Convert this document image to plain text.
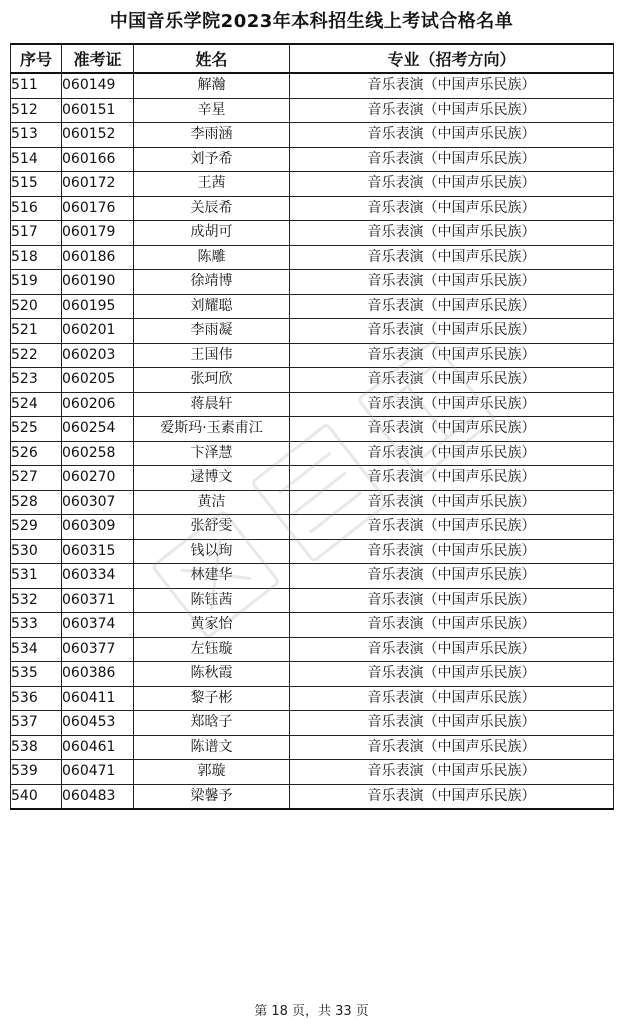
中国音乐学院2023年本科招生线上考试合格名单
序号	准考证	姓名	专业（招考方向）
511	060149	解瀚	音乐表演（中国声乐民族）
512	060151	辛星	音乐表演（中国声乐民族）
513	060152	李雨涵	音乐表演（中国声乐民族）
514	060166	刘予希	音乐表演（中国声乐民族）
515	060172	王茜	音乐表演（中国声乐民族）
516	060176	关辰希	音乐表演（中国声乐民族）
517	060179	成胡可	音乐表演（中国声乐民族）
518	060186	陈雕	音乐表演（中国声乐民族）
519	060190	徐靖博	音乐表演（中国声乐民族）
520	060195	刘耀聪	音乐表演（中国声乐民族）
521	060201	李雨凝	音乐表演（中国声乐民族）
522	060203	王国伟	音乐表演（中国声乐民族）
523	060205	张珂欣	音乐表演（中国声乐民族）
524	060206	蒋晨轩	音乐表演（中国声乐民族）
525	060254	爱斯玛·玉素甫江	音乐表演（中国声乐民族）
526	060258	卞泽慧	音乐表演（中国声乐民族）
527	060270	逯博文	音乐表演（中国声乐民族）
528	060307	黄洁	音乐表演（中国声乐民族）
529	060309	张舒雯	音乐表演（中国声乐民族）
530	060315	钱以珣	音乐表演（中国声乐民族）
531	060334	林建华	音乐表演（中国声乐民族）
532	060371	陈钰茜	音乐表演（中国声乐民族）
533	060374	黄家怡	音乐表演（中国声乐民族）
534	060377	左钰璇	音乐表演（中国声乐民族）
535	060386	陈秋霞	音乐表演（中国声乐民族）
536	060411	黎子彬	音乐表演（中国声乐民族）
537	060453	郑晗子	音乐表演（中国声乐民族）
538	060461	陈谱文	音乐表演（中国声乐民族）
539	060471	郭璇	音乐表演（中国声乐民族）
540	060483	梁馨予	音乐表演（中国声乐民族）
第 18 页，共 33 页
